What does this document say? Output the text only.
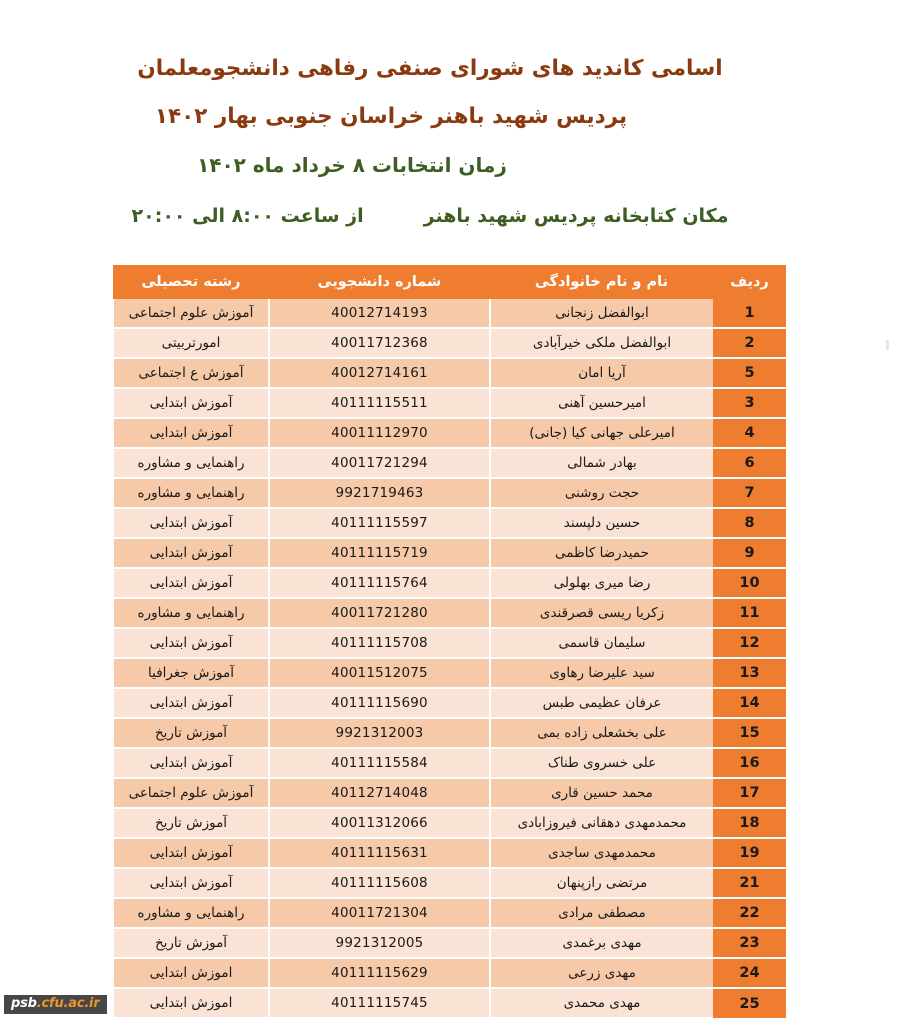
اسامی کاندید های شورای صنفی رفاهی دانشجومعلمان
پردیس شهید باهنر خراسان جنوبی بهار ۱۴۰۲
زمان انتخابات ۸ خرداد ماه ۱۴۰۲
از ساعت ۸:۰۰ الی ۲۰:۰۰	مکان کتابخانه پردیس شهید باهنر
ردیف	نام و نام خانوادگی	شماره دانشجویی	رشته تحصیلی
1	ابوالفضل زنجانی	40012714193	آموزش علوم اجتماعی
2	ابوالفضل ملکی خیرآبادی	40011712368	امورتربیتی
5	آریا امان	40012714161	آموزش ع اجتماعی
3	امیرحسین آهنی	40111115511	آموزش ابتدایی
4	امیرعلی جهانی کیا (جانی)	40011112970	آموزش ابتدایی
6	بهادر شمالی	40011721294	راهنمایی و مشاوره
7	حجت روشنی	9921719463	راهنمایی و مشاوره
8	حسین دلپسند	40111115597	آموزش ابتدایی
9	حمیدرضا کاظمی	40111115719	آموزش ابتدایی
10	رضا میری بهلولی	40111115764	آموزش ابتدایی
11	زکریا ریسی قصرقندی	40011721280	راهنمایی و مشاوره
12	سلیمان قاسمی	40111115708	آموزش ابتدایی
13	سید علیرضا رهاوی	40011512075	آموزش جغرافیا
14	عرفان عظیمی طبس	40111115690	آموزش ابتدایی
15	علی بخشعلی زاده بمی	9921312003	آموزش تاریخ
16	علی خسروی طناک	40111115584	آموزش ابتدایی
17	محمد حسین قاری	40112714048	آموزش علوم اجتماعی
18	محمدمهدی دهقانی فیروزابادی	40011312066	آموزش تاریخ
19	محمدمهدی ساجدی	40111115631	آموزش ابتدایی
21	مرتضی رازپنهان	40111115608	آموزش ابتدایی
22	مصطفی مرادی	40011721304	راهنمایی و مشاوره
23	مهدی برغمدی	9921312005	آموزش تاریخ
24	مهدی زرعی	40111115629	اموزش ابتدایی
25	مهدی محمدی	40111115745	اموزش ابتدایی
psb.cfu.ac.ir
